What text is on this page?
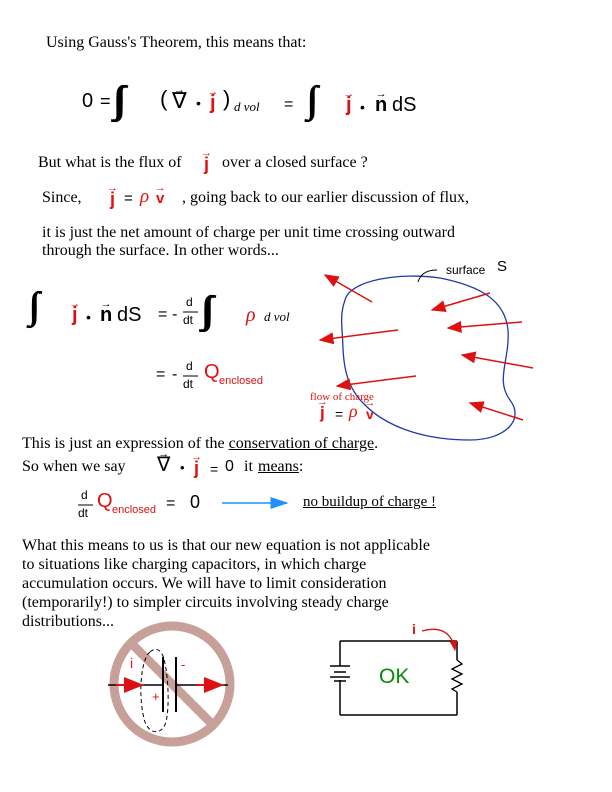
Using Gauss's Theorem, this means that:
0 = ( → ∇ • → j ) d vol =	→ j • → n dS
But what is the flux of → j over a closed surface ?
Since, → j = ρ → v , going back to our earlier discussion of flux,
it is just the net amount of charge per unit time crossing outward
through the surface. In other words...
→ j • → n dS = -
d
dt	ρ d vol
= - d
dt
Q enclosed
surface S
flow of charge
→ j = ρ → v
This is just an expression of the conservation of charge.
So when we say → ∇ • → j = 0 it means:
d
dt
Q enclosed = 0	no buildup of charge !
What this means to us is that our new equation is not applicable
to situations like charging capacitors, in which charge
accumulation occurs. We will have to limit consideration
(temporarily!) to simpler circuits involving steady charge
distributions...
i
+
-
i
OK
